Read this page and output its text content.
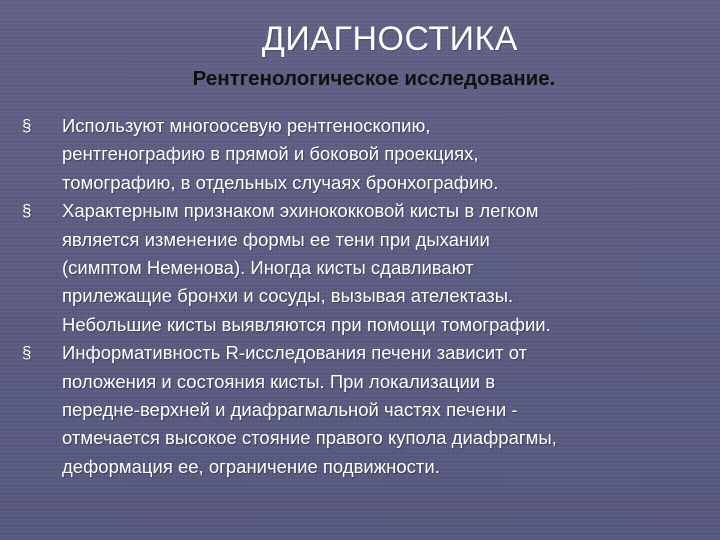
ДИАГНОСТИКА
Рентгенологическое исследование.
§	Используют многоосевую рентгеноскопию,
рентгенографию в прямой и боковой проекциях,
томографию, в отдельных случаях бронхографию.
§	Характерным признаком эхинококковой кисты в легком
является изменение формы ее тени при дыхании
(симптом Неменова). Иногда кисты сдавливают
прилежащие бронхи и сосуды, вызывая ателектазы.
Небольшие кисты выявляются при помощи томографии.
§	Информативность R-исследования печени зависит от
положения и состояния кисты. При локализации в
передне-верхней и диафрагмальной частях печени -
отмечается высокое стояние правого купола диафрагмы,
деформация ее, ограничение подвижности.
